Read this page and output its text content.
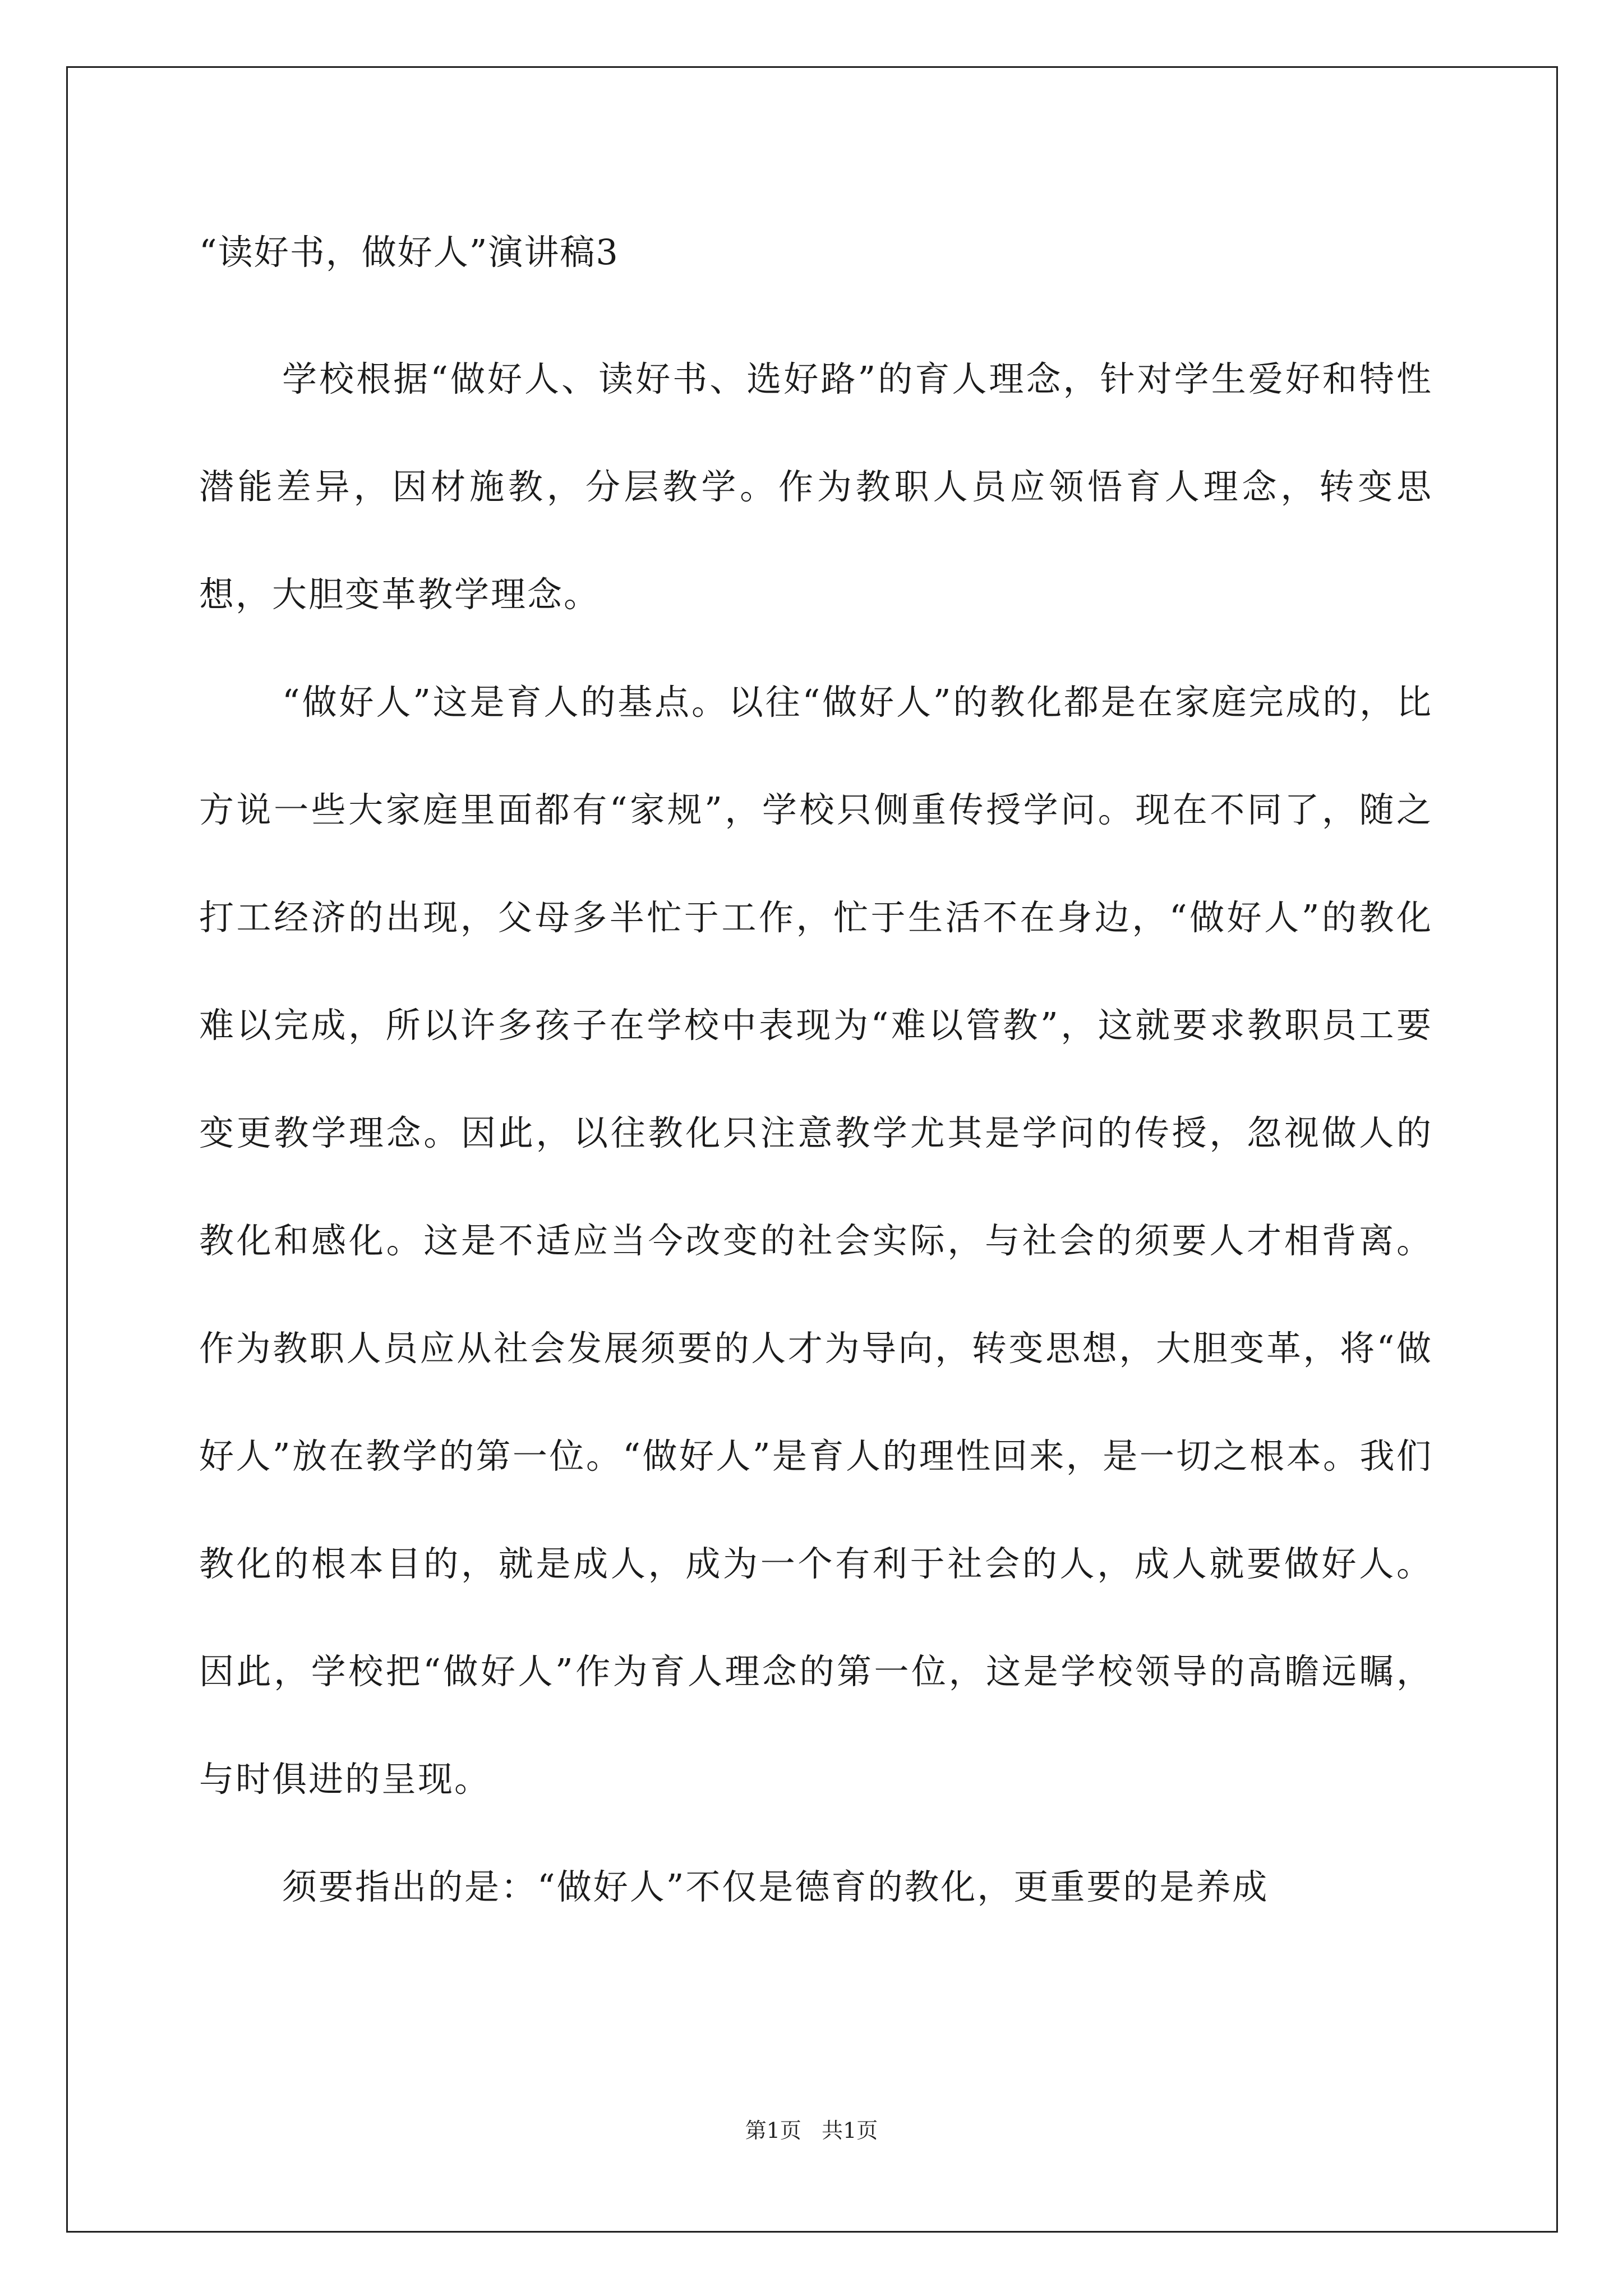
“读好书，做好人”演讲稿3

学校根据“做好人、读好书、选好路”的育人理念，针对学生爱好和特性潜能差异，因材施教，分层教学。作为教职人员应领悟育人理念，转变思想，大胆变革教学理念。

“做好人”这是育人的基点。以往“做好人”的教化都是在家庭完成的，比方说一些大家庭里面都有“家规”，学校只侧重传授学问。现在不同了，随之打工经济的出现，父母多半忙于工作，忙于生活不在身边，“做好人”的教化难以完成，所以许多孩子在学校中表现为“难以管教”，这就要求教职员工要变更教学理念。因此，以往教化只注意教学尤其是学问的传授，忽视做人的教化和感化。这是不适应当今改变的社会实际，与社会的须要人才相背离。作为教职人员应从社会发展须要的人才为导向，转变思想，大胆变革，将“做好人”放在教学的第一位。“做好人”是育人的理性回来，是一切之根本。我们教化的根本目的，就是成人，成为一个有利于社会的人，成人就要做好人。因此，学校把“做好人”作为育人理念的第一位，这是学校领导的高瞻远瞩，与时俱进的呈现。

须要指出的是：“做好人”不仅是德育的教化，更重要的是养成

第1页 共1页
